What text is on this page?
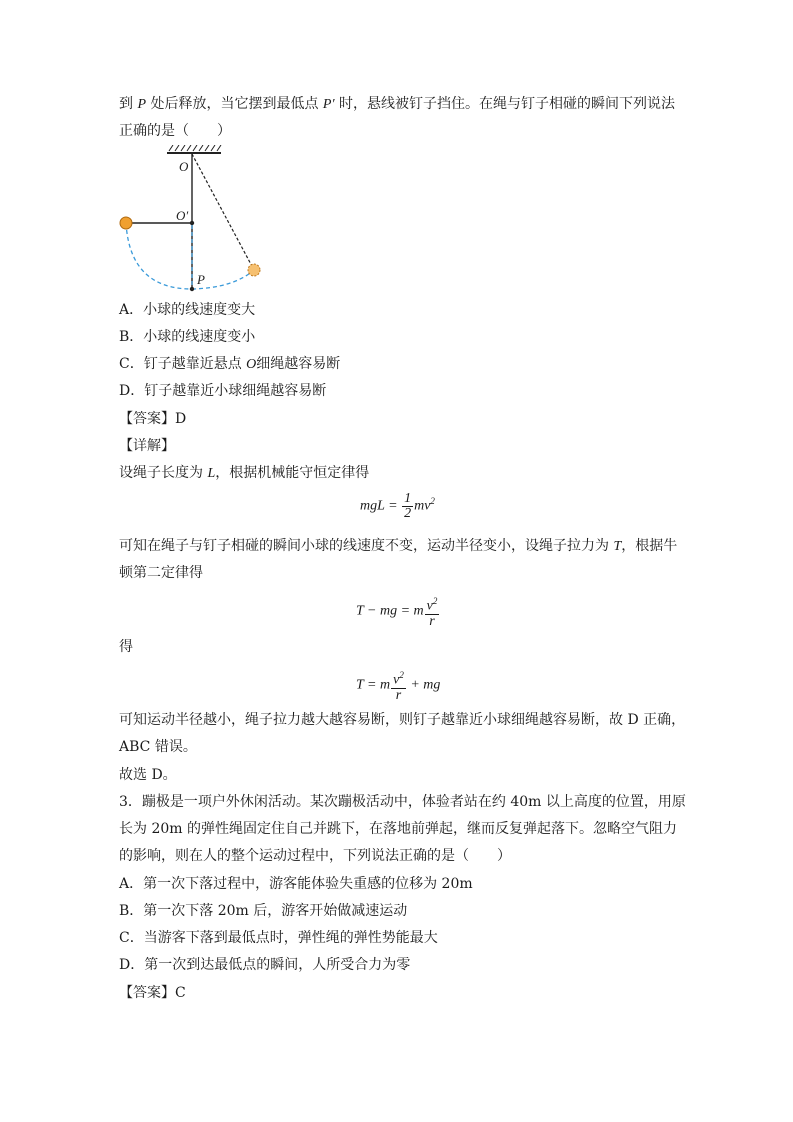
到 P 处后释放，当它摆到最低点 P′ 时，悬线被钉子挡住。在绳与钉子相碰的瞬间下列说法
正确的是（　　）
O
O′
P
A．小球的线速度变大
B．小球的线速度变小
C．钉子越靠近悬点 O细绳越容易断
D．钉子越靠近小球细绳越容易断
【答案】D
【详解】
设绳子长度为 L，根据机械能守恒定律得
mgL = $\frac{1}{2} mv^2$
可知在绳子与钉子相碰的瞬间小球的线速度不变，运动半径变小，设绳子拉力为 T，根据牛
顿第二定律得
T − mg = m $\frac{v^2}{r}$
得
T = m $\frac{v^2}{r}$ + mg
可知运动半径越小，绳子拉力越大越容易断，则钉子越靠近小球细绳越容易断，故 D 正确，
ABC 错误。
故选 D。
3．蹦极是一项户外休闲活动。某次蹦极活动中，体验者站在约 40m 以上高度的位置，用原
长为 20m 的弹性绳固定住自己并跳下，在落地前弹起，继而反复弹起落下。忽略空气阻力
的影响，则在人的整个运动过程中，下列说法正确的是（　　）
A．第一次下落过程中，游客能体验失重感的位移为 20m
B．第一次下落 20m 后，游客开始做减速运动
C．当游客下落到最低点时，弹性绳的弹性势能最大
D．第一次到达最低点的瞬间，人所受合力为零
【答案】C
